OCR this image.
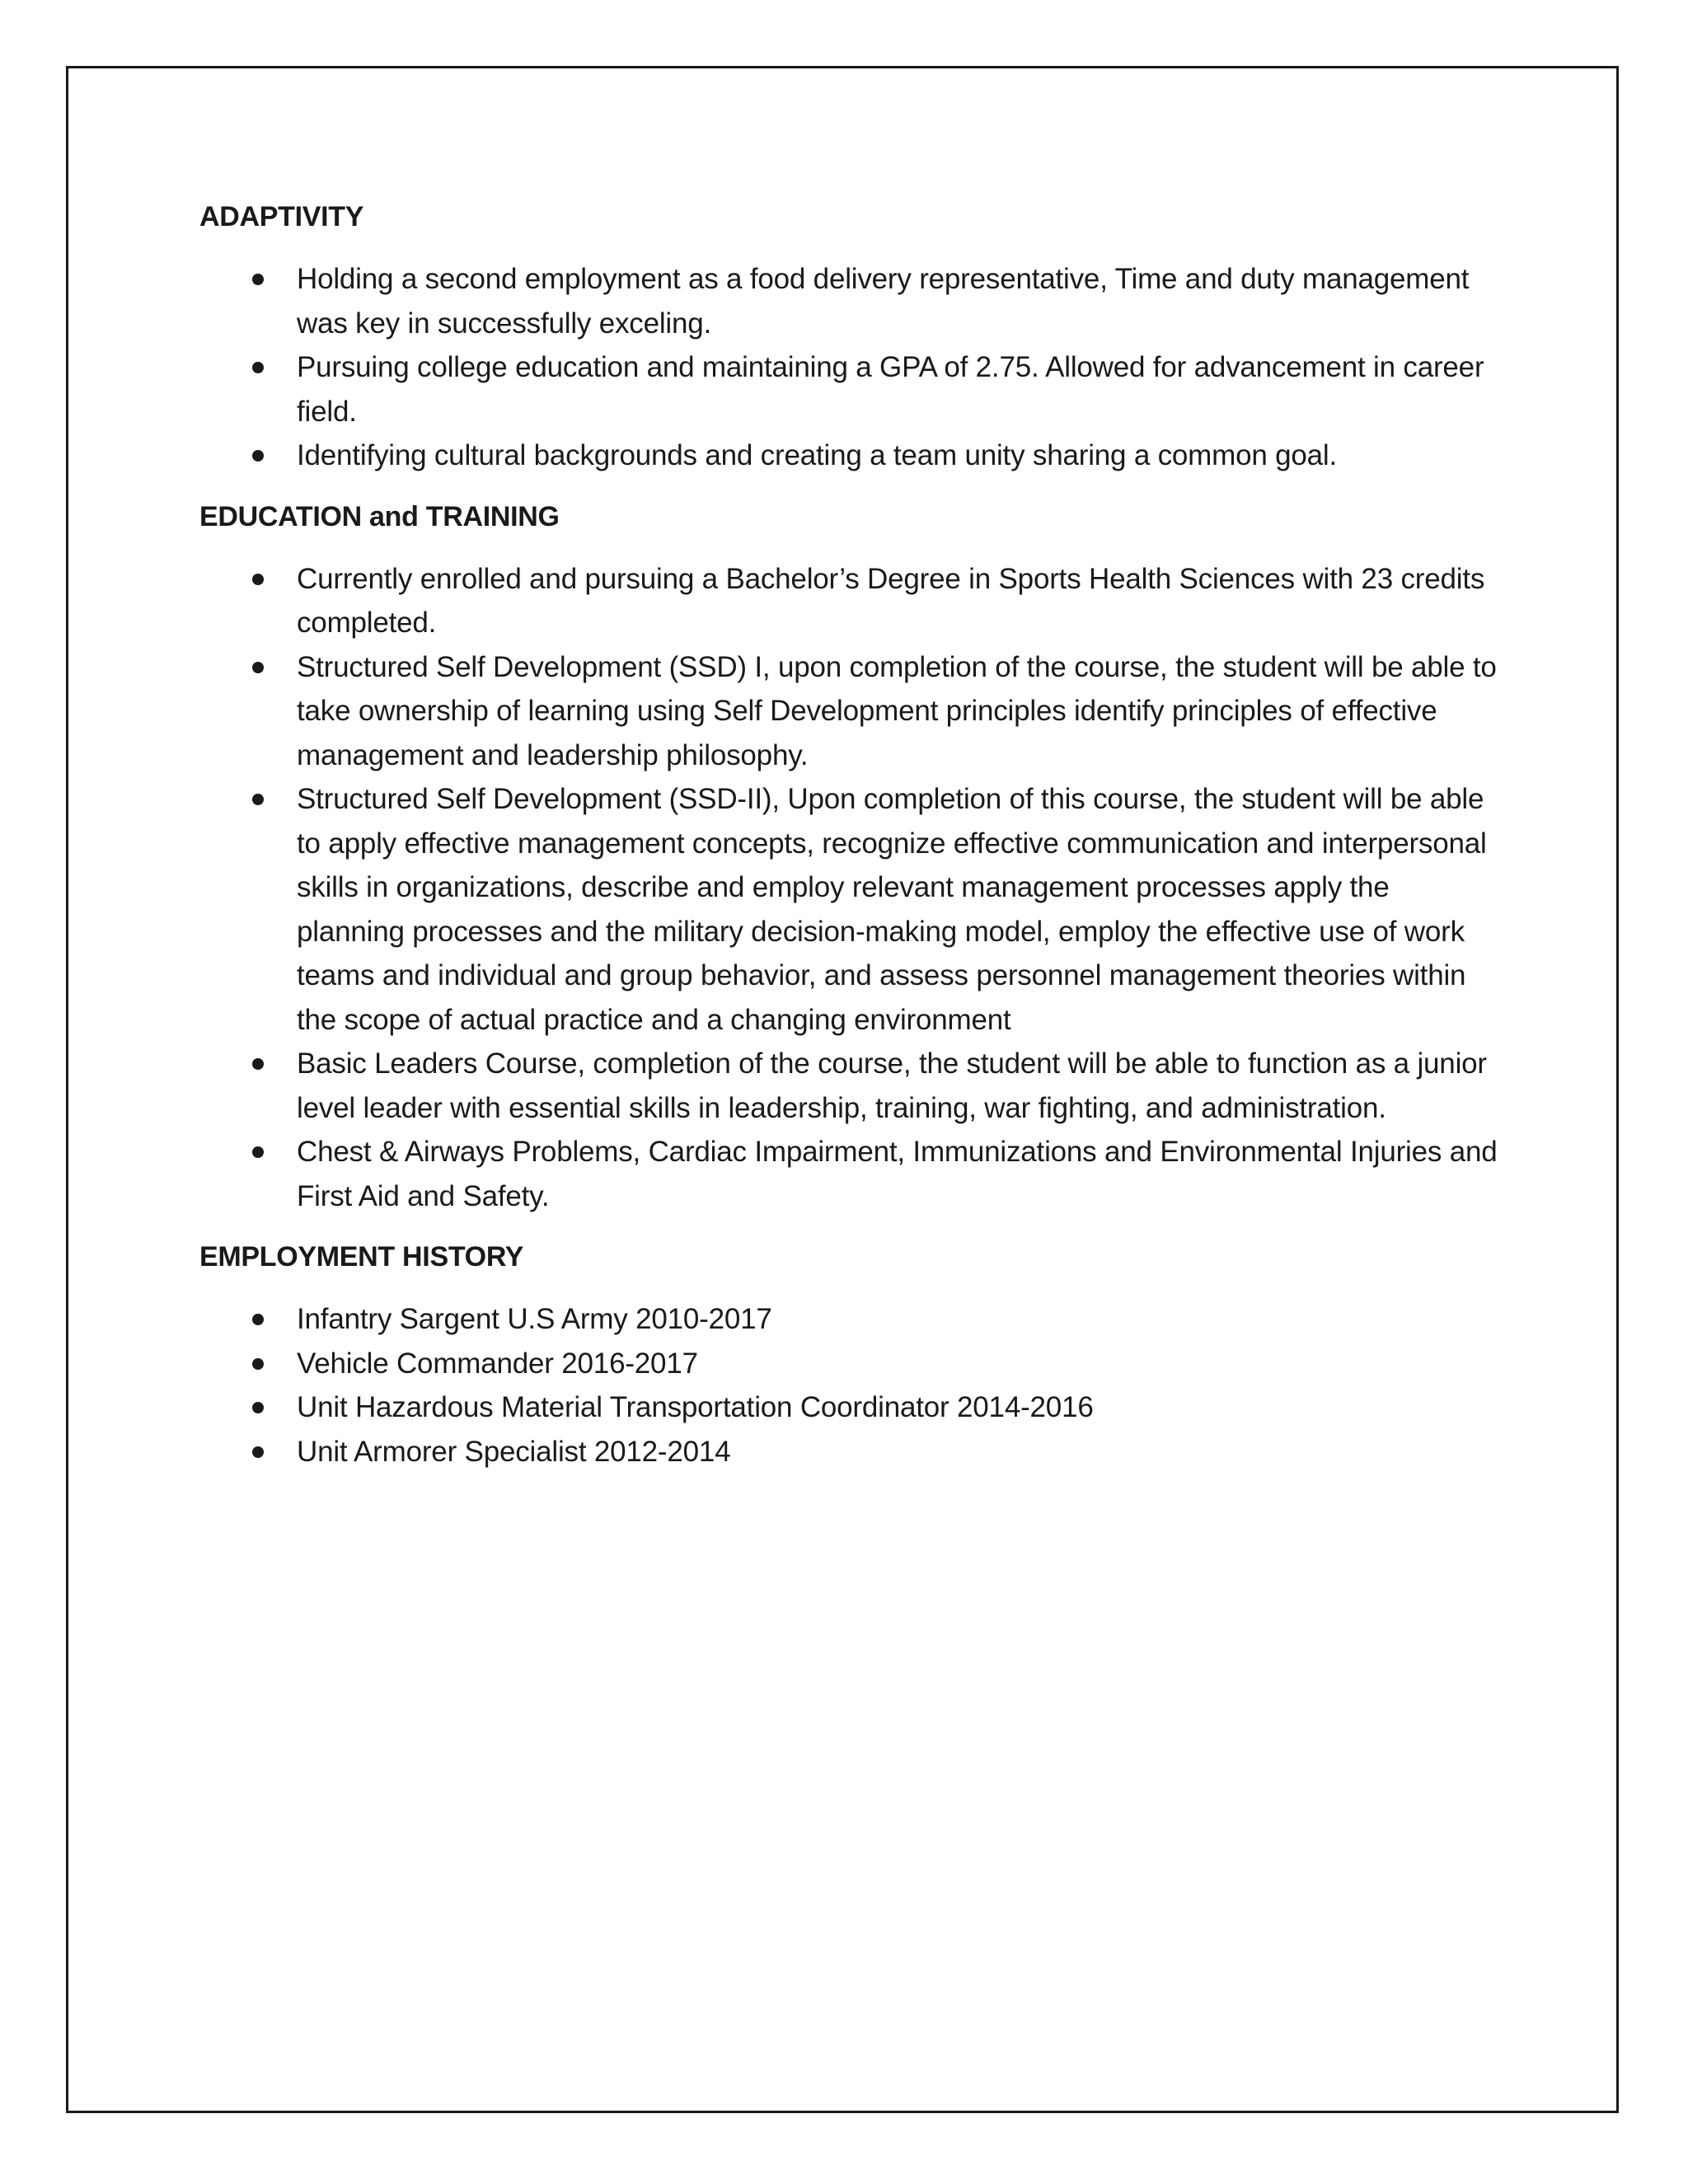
ADAPTIVITY
Holding a second employment as a food delivery representative, Time and duty management was key in successfully exceling.
Pursuing college education and maintaining a GPA of 2.75. Allowed for advancement in career field.
Identifying cultural backgrounds and creating a team unity sharing a common goal.
EDUCATION and TRAINING
Currently enrolled and pursuing a Bachelor’s Degree in Sports Health Sciences with 23 credits completed.
Structured Self Development (SSD) I, upon completion of the course, the student will be able to take ownership of learning using Self Development principles identify principles of effective management and leadership philosophy.
Structured Self Development (SSD-II), Upon completion of this course, the student will be able to apply effective management concepts, recognize effective communication and interpersonal skills in organizations, describe and employ relevant management processes apply the planning processes and the military decision-making model, employ the effective use of work teams and individual and group behavior, and assess personnel management theories within the scope of actual practice and a changing environment
Basic Leaders Course, completion of the course, the student will be able to function as a junior level leader with essential skills in leadership, training, war fighting, and administration.
Chest & Airways Problems, Cardiac Impairment, Immunizations and Environmental Injuries and First Aid and Safety.
EMPLOYMENT HISTORY
Infantry Sargent U.S Army 2010-2017
Vehicle Commander 2016-2017
Unit Hazardous Material Transportation Coordinator 2014-2016
Unit Armorer Specialist 2012-2014
